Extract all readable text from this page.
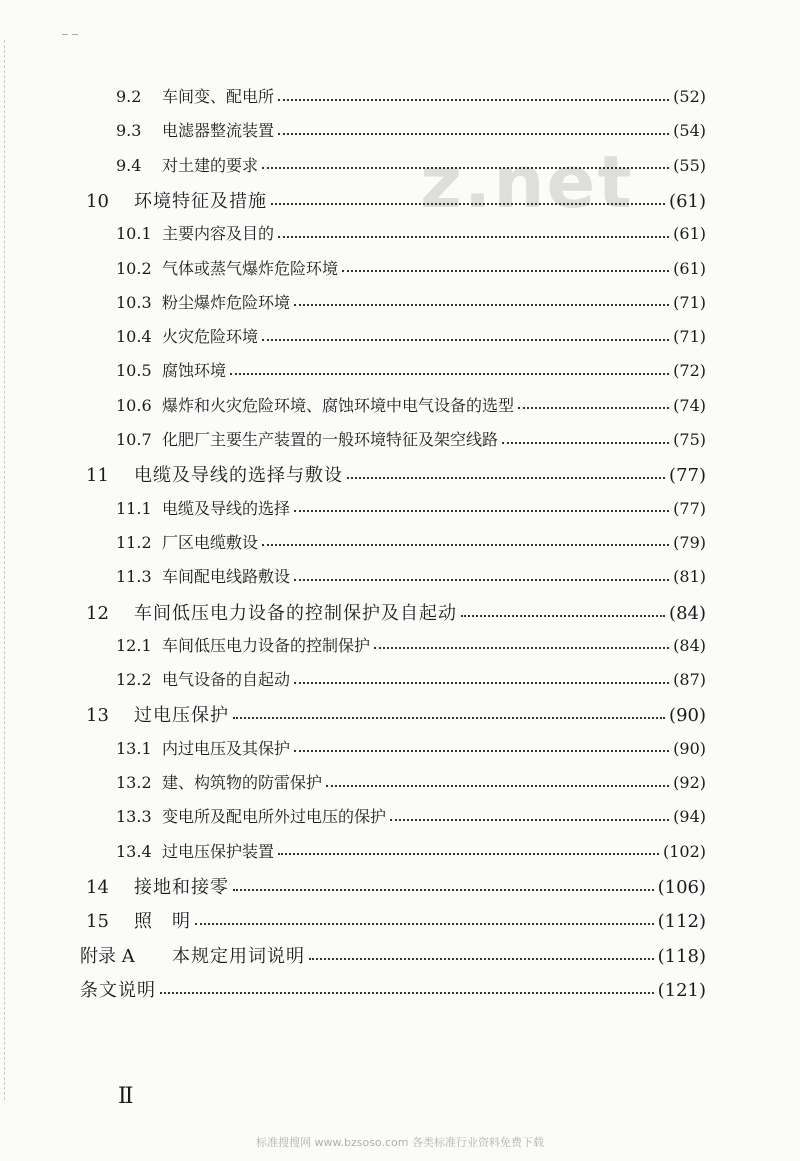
z.net
9.2	车间变、配电所	(52)
9.3	电滤器整流装置	(54)
9.4	对土建的要求	(55)
10	环境特征及措施	(61)
10.1 主要内容及目的	(61)
10.2 气体或蒸气爆炸危险环境	(61)
10.3 粉尘爆炸危险环境	(71)
10.4 火灾危险环境	(71)
10.5 腐蚀环境	(72)
10.6 爆炸和火灾危险环境、腐蚀环境中电气设备的选型	(74)
10.7 化肥厂主要生产装置的一般环境特征及架空线路	(75)
11	电缆及导线的选择与敷设	(77)
11.1 电缆及导线的选择	(77)
11.2 厂区电缆敷设	(79)
11.3 车间配电线路敷设	(81)
12	车间低压电力设备的控制保护及自起动	(84)
12.1 车间低压电力设备的控制保护	(84)
12.2 电气设备的自起动	(87)
13	过电压保护	(90)
13.1 内过电压及其保护	(90)
13.2 建、构筑物的防雷保护	(92)
13.3 变电所及配电所外过电压的保护	(94)
13.4 过电压保护装置	(102)
14	接地和接零	(106)
15	照　明	(112)
附录 A	本规定用词说明	(118)
条文说明	(121)
II
标准搜搜网 www.bzsoso.com 各类标准行业资料免费下载
